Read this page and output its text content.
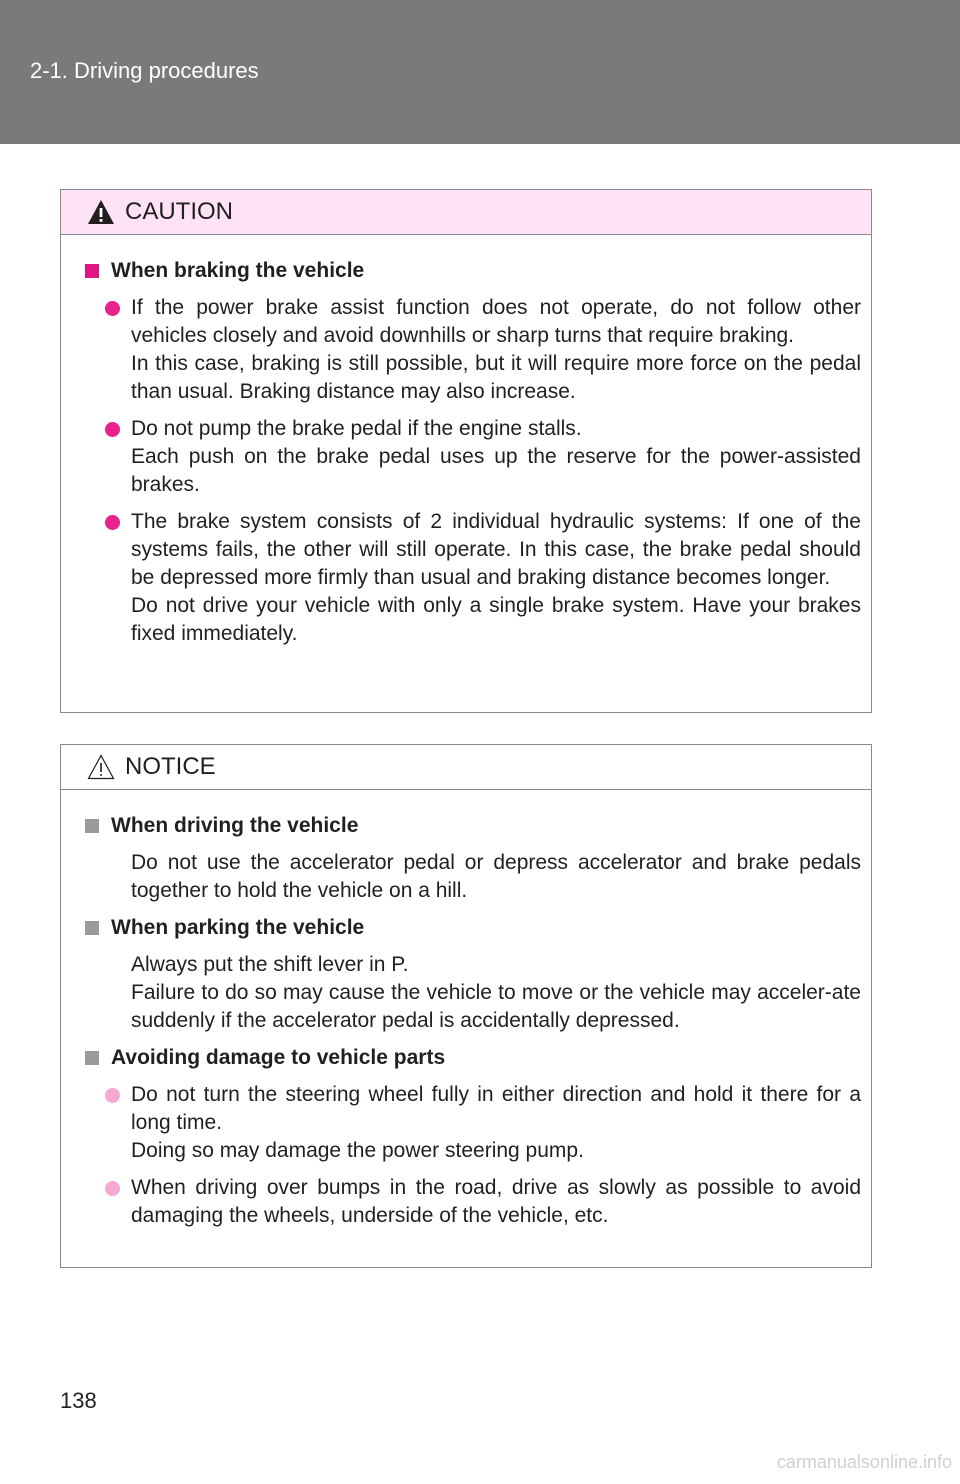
2-1. Driving procedures
CAUTION
When braking the vehicle

If the power brake assist function does not operate, do not follow other vehicles closely and avoid downhills or sharp turns that require braking.

In this case, braking is still possible, but it will require more force on the pedal than usual. Braking distance may also increase.

Do not pump the brake pedal if the engine stalls.

Each push on the brake pedal uses up the reserve for the power-assisted brakes.

The brake system consists of 2 individual hydraulic systems: If one of the systems fails, the other will still operate. In this case, the brake pedal should be depressed more firmly than usual and braking distance becomes longer.

Do not drive your vehicle with only a single brake system. Have your brakes fixed immediately.

NOTICE
When driving the vehicle

Do not use the accelerator pedal or depress accelerator and brake pedals together to hold the vehicle on a hill.

When parking the vehicle

Always put the shift lever in P.

Failure to do so may cause the vehicle to move or the vehicle may acceler-ate suddenly if the accelerator pedal is accidentally depressed.

Avoiding damage to vehicle parts

Do not turn the steering wheel fully in either direction and hold it there for a long time.

Doing so may damage the power steering pump.

When driving over bumps in the road, drive as slowly as possible to avoid damaging the wheels, underside of the vehicle, etc.

138
carmanualsonline.info
